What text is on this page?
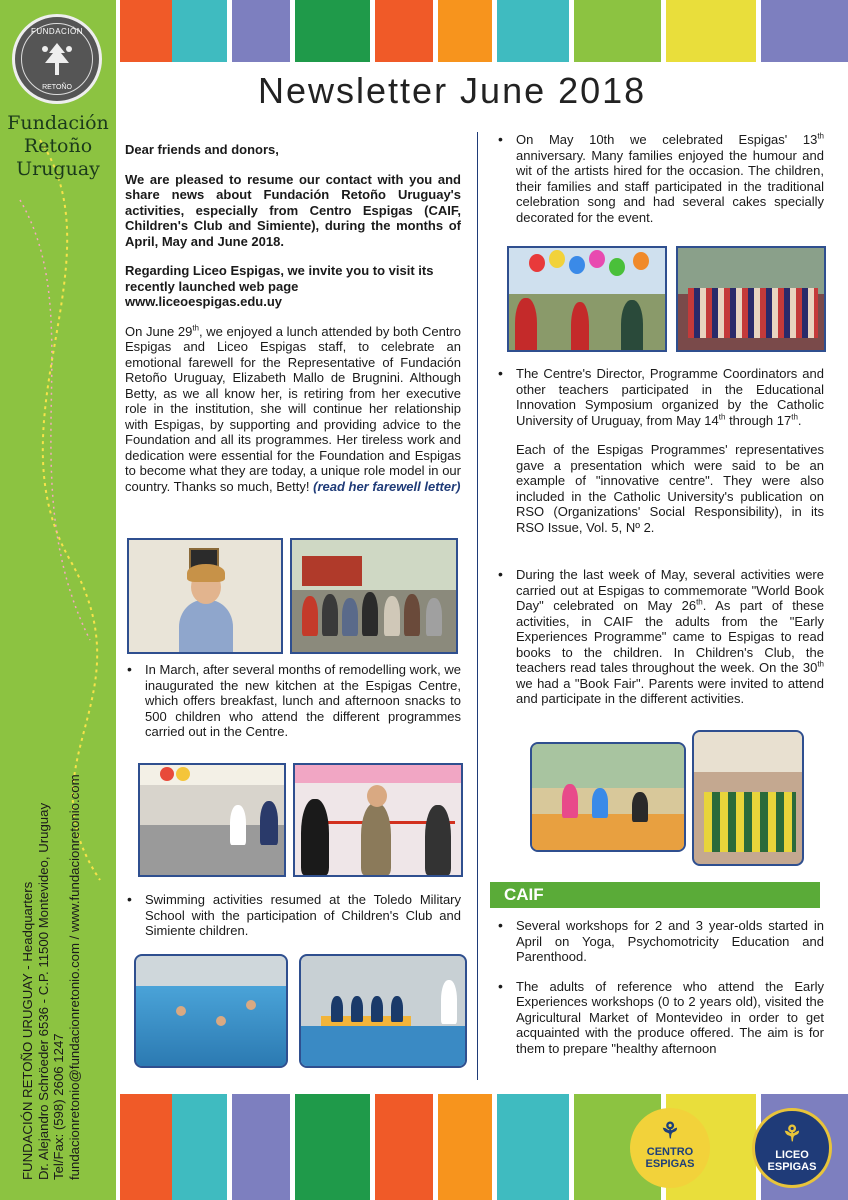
FUNDACIÓN
RETOÑO
Fundación
Retoño
Uruguay
FUNDACIÓN RETOÑO URUGUAY - Headquarters Dr. Alejandro Schröeder 6536 - C.P. 11500 Montevideo, Uruguay Tel/Fax: (598) 2606 1247 fundacionretonio@fundacionretonio.com / www.fundacionretonio.com
Newsletter June 2018

Dear friends and donors,

We are pleased to resume our contact with you and share news about Fundación Retoño Uruguay's activities, especially from Centro Espigas (CAIF, Children's Club and Simiente), during the months of April, May and June 2018.

Regarding Liceo Espigas, we invite you to visit its recently launched web page
www.liceoespigas.edu.uy

On June 29th, we enjoyed a lunch attended by both Centro Espigas and Liceo Espigas staff, to celebrate an emotional farewell for the Representative of Fundación Retoño Uruguay, Elizabeth Mallo de Brugnini. Although Betty, as we all know her, is retiring from her executive role in the institution, she will continue her relationship with Espigas, by supporting and providing advice to the Foundation and all its programmes. Her tireless work and dedication were essential for the Foundation and Espigas to become what they are today, a unique role model in our country. Thanks so much, Betty! (read her farewell letter)

• In March, after several months of remodelling work, we inaugurated the new kitchen at the Espigas Centre, which offers breakfast, lunch and afternoon snacks to 500 children who attend the different programmes carried out in the Centre.
• Swimming activities resumed at the Toledo Military School with the participation of Children's Club and Simiente children.
• On May 10th we celebrated Espigas' 13th anniversary. Many families enjoyed the humour and wit of the artists hired for the occasion. The children, their families and staff participated in the traditional celebration song and had several cakes specially decorated for the event.
• The Centre's Director, Programme Coordinators and other teachers participated in the Educational Innovation Symposium organized by the Catholic University of Uruguay, from May 14th through 17th.
Each of the Espigas Programmes' representatives gave a presentation which were said to be an example of "innovative centre". They were also included in the Catholic University's publication on RSO (Organizations' Social Responsibility), in its RSO Issue, Vol. 5, Nº 2.
• During the last week of May, several activities were carried out at Espigas to commemorate "World Book Day" celebrated on May 26th. As part of these activities, in CAIF the adults from the "Early Experiences Programme" came to Espigas to read books to the children. In Children's Club, the teachers read tales throughout the week. On the 30th we had a "Book Fair". Parents were invited to attend and participate in the different activities.
CAIF
• Several workshops for 2 and 3 year-olds started in April on Yoga, Psychomotricity Education and Parenthood.
• The adults of reference who attend the Early Experiences workshops (0 to 2 years old), visited the Agricultural Market of Montevideo in order to get acquainted with the produce offered. The aim is for them to prepare "healthy afternoon
⚘
CENTRO
ESPIGAS
⚘
LICEO
ESPIGAS
